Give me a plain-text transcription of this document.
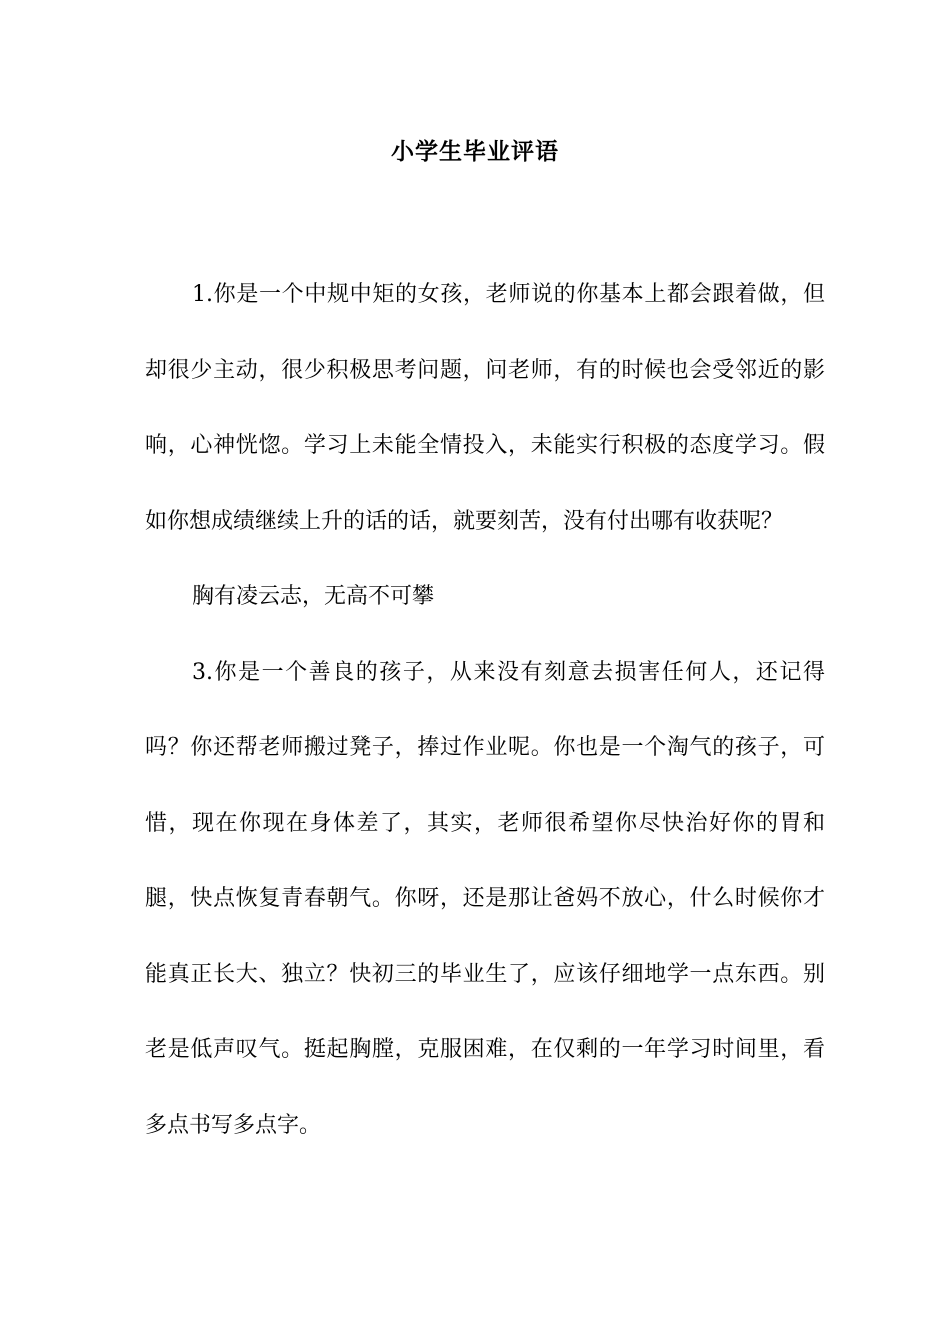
小学生毕业评语

1.你是一个中规中矩的女孩，老师说的你基本上都会跟着做，但却很少主动，很少积极思考问题，问老师，有的时候也会受邻近的影响，心神恍惚。学习上未能全情投入，未能实行积极的态度学习。假如你想成绩继续上升的话的话，就要刻苦，没有付出哪有收获呢？

胸有凌云志，无高不可攀

3.你是一个善良的孩子，从来没有刻意去损害任何人，还记得吗？你还帮老师搬过凳子，捧过作业呢。你也是一个淘气的孩子，可惜，现在你现在身体差了，其实，老师很希望你尽快治好你的胃和腿，快点恢复青春朝气。你呀，还是那让爸妈不放心，什么时候你才能真正长大、独立？快初三的毕业生了，应该仔细地学一点东西。别老是低声叹气。挺起胸膛，克服困难，在仅剩的一年学习时间里，看多点书写多点字。
